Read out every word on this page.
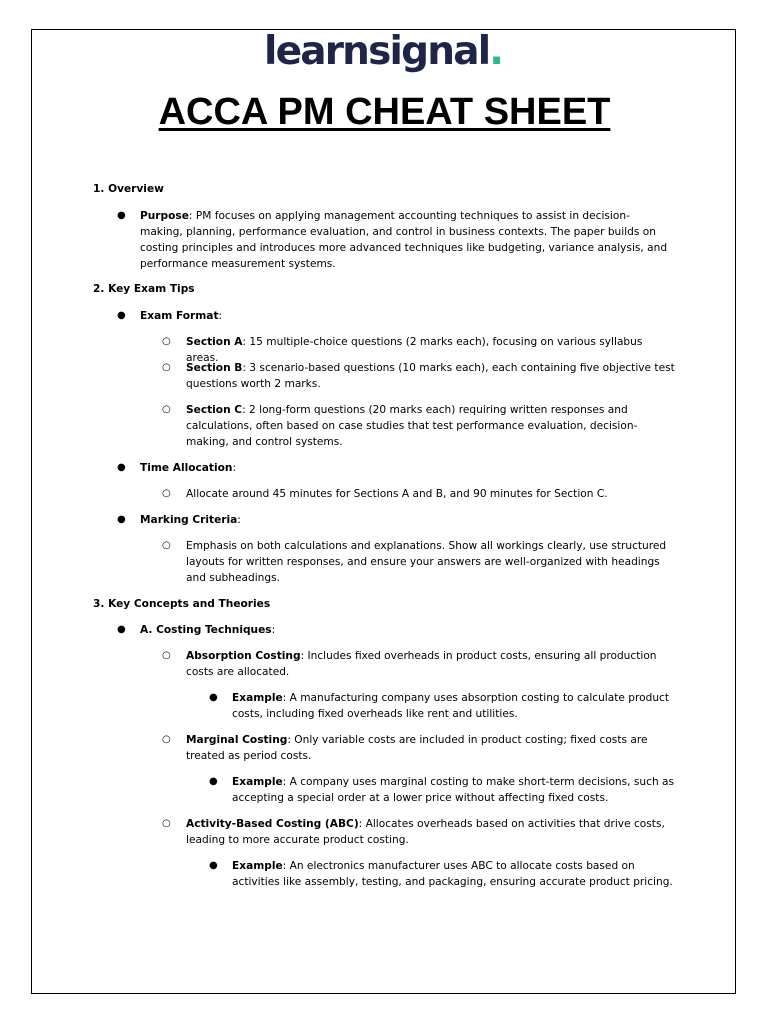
learnsignal.
ACCA PM CHEAT SHEET
1. Overview
● Purpose: PM focuses on applying management accounting techniques to assist in decision-making, planning, performance evaluation, and control in business contexts. The paper builds on costing principles and introduces more advanced techniques like budgeting, variance analysis, and performance measurement systems.
2. Key Exam Tips
● Exam Format:
○ Section A: 15 multiple-choice questions (2 marks each), focusing on various syllabus areas.
○ Section B: 3 scenario-based questions (10 marks each), each containing five objective test questions worth 2 marks.
○ Section C: 2 long-form questions (20 marks each) requiring written responses and calculations, often based on case studies that test performance evaluation, decision-making, and control systems.
● Time Allocation:
○ Allocate around 45 minutes for Sections A and B, and 90 minutes for Section C.
● Marking Criteria:
○ Emphasis on both calculations and explanations. Show all workings clearly, use structured layouts for written responses, and ensure your answers are well-organized with headings and subheadings.
3. Key Concepts and Theories
● A. Costing Techniques:
○ Absorption Costing: Includes fixed overheads in product costs, ensuring all production costs are allocated.
● Example: A manufacturing company uses absorption costing to calculate product costs, including fixed overheads like rent and utilities.
○ Marginal Costing: Only variable costs are included in product costing; fixed costs are treated as period costs.
● Example: A company uses marginal costing to make short-term decisions, such as accepting a special order at a lower price without affecting fixed costs.
○ Activity-Based Costing (ABC): Allocates overheads based on activities that drive costs, leading to more accurate product costing.
● Example: An electronics manufacturer uses ABC to allocate costs based on activities like assembly, testing, and packaging, ensuring accurate product pricing.
